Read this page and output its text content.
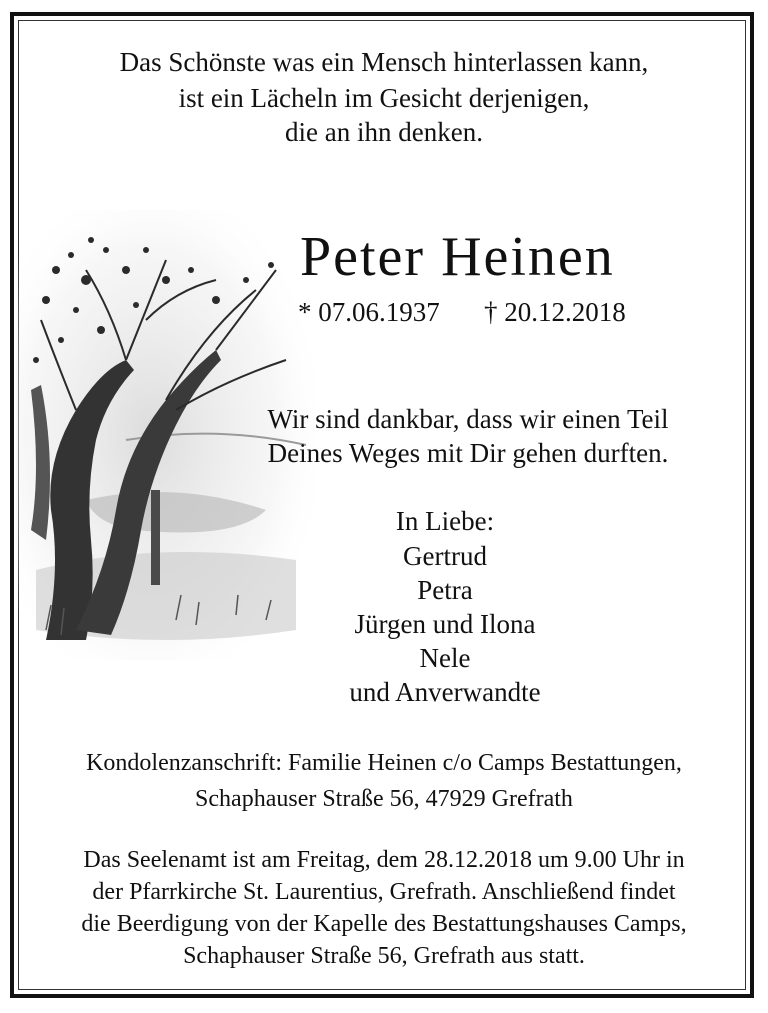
Das Schönste was ein Mensch hinterlassen kann,
ist ein Lächeln im Gesicht derjenigen,
die an ihn denken.
Peter Heinen
* 07.06.1937 † 20.12.2018
Wir sind dankbar, dass wir einen Teil
Deines Weges mit Dir gehen durften.
In Liebe:
Gertrud
Petra
Jürgen und Ilona
Nele
und Anverwandte
Kondolenzanschrift: Familie Heinen c/o Camps Bestattungen,
Schaphauser Straße 56, 47929 Grefrath
Das Seelenamt ist am Freitag, dem 28.12.2018 um 9.00 Uhr in
der Pfarrkirche St. Laurentius, Grefrath. Anschließend findet
die Beerdigung von der Kapelle des Bestattungshauses Camps,
Schaphauser Straße 56, Grefrath aus statt.
